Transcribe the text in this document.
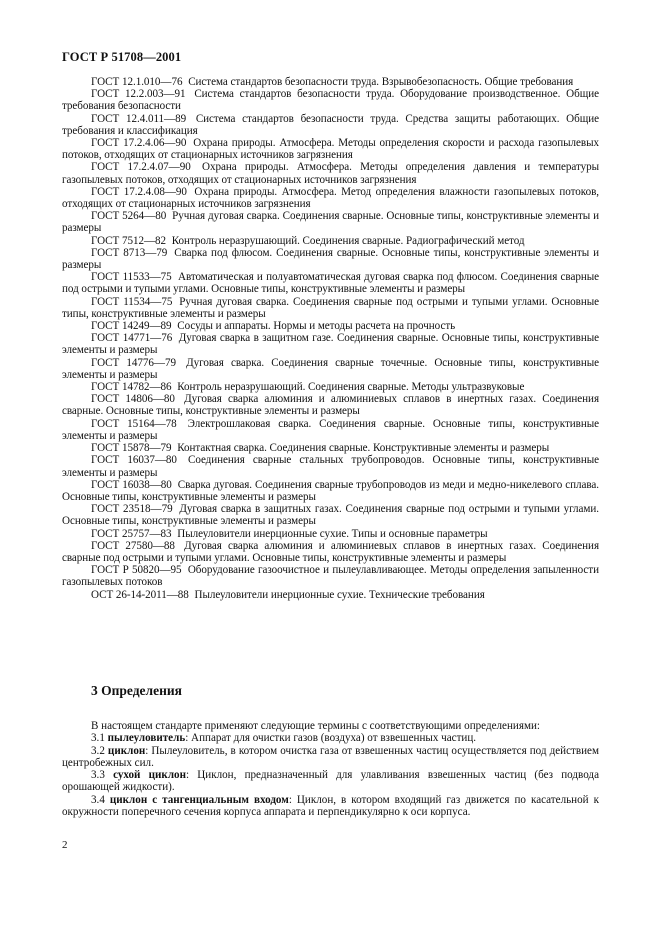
ГОСТ Р 51708—2001

ГОСТ 12.1.010—76 Система стандартов безопасности труда. Взрывобезопасность. Общие требования

ГОСТ 12.2.003—91 Система стандартов безопасности труда. Оборудование производственное. Общие требования безопасности

ГОСТ 12.4.011—89 Система стандартов безопасности труда. Средства защиты работающих. Общие требования и классификация

ГОСТ 17.2.4.06—90 Охрана природы. Атмосфера. Методы определения скорости и расхода газопылевых потоков, отходящих от стационарных источников загрязнения

ГОСТ 17.2.4.07—90 Охрана природы. Атмосфера. Методы определения давления и температуры газопылевых потоков, отходящих от стационарных источников загрязнения

ГОСТ 17.2.4.08—90 Охрана природы. Атмосфера. Метод определения влажности газопылевых потоков, отходящих от стационарных источников загрязнения

ГОСТ 5264—80 Ручная дуговая сварка. Соединения сварные. Основные типы, конструктивные элементы и размеры

ГОСТ 7512—82 Контроль неразрушающий. Соединения сварные. Радиографический метод

ГОСТ 8713—79 Сварка под флюсом. Соединения сварные. Основные типы, конструктивные элементы и размеры

ГОСТ 11533—75 Автоматическая и полуавтоматическая дуговая сварка под флюсом. Соединения сварные под острыми и тупыми углами. Основные типы, конструктивные элементы и размеры

ГОСТ 11534—75 Ручная дуговая сварка. Соединения сварные под острыми и тупыми углами. Основные типы, конструктивные элементы и размеры

ГОСТ 14249—89 Сосуды и аппараты. Нормы и методы расчета на прочность

ГОСТ 14771—76 Дуговая сварка в защитном газе. Соединения сварные. Основные типы, конструктивные элементы и размеры

ГОСТ 14776—79 Дуговая сварка. Соединения сварные точечные. Основные типы, конструктивные элементы и размеры

ГОСТ 14782—86 Контроль неразрушающий. Соединения сварные. Методы ультразвуковые

ГОСТ 14806—80 Дуговая сварка алюминия и алюминиевых сплавов в инертных газах. Соединения сварные. Основные типы, конструктивные элементы и размеры

ГОСТ 15164—78 Электрошлаковая сварка. Соединения сварные. Основные типы, конструктивные элементы и размеры

ГОСТ 15878—79 Контактная сварка. Соединения сварные. Конструктивные элементы и размеры

ГОСТ 16037—80 Соединения сварные стальных трубопроводов. Основные типы, конструктивные элементы и размеры

ГОСТ 16038—80 Сварка дуговая. Соединения сварные трубопроводов из меди и медно-никелевого сплава. Основные типы, конструктивные элементы и размеры

ГОСТ 23518—79 Дуговая сварка в защитных газах. Соединения сварные под острыми и тупыми углами. Основные типы, конструктивные элементы и размеры

ГОСТ 25757—83 Пылеуловители инерционные сухие. Типы и основные параметры

ГОСТ 27580—88 Дуговая сварка алюминия и алюминиевых сплавов в инертных газах. Соединения сварные под острыми и тупыми углами. Основные типы, конструктивные элементы и размеры

ГОСТ Р 50820—95 Оборудование газоочистное и пылеулавливающее. Методы определения запыленности газопылевых потоков

ОСТ 26-14-2011—88 Пылеуловители инерционные сухие. Технические требования

3 Определения

В настоящем стандарте применяют следующие термины с соответствующими определениями:

3.1 пылеуловитель: Аппарат для очистки газов (воздуха) от взвешенных частиц.

3.2 циклон: Пылеуловитель, в котором очистка газа от взвешенных частиц осуществляется под действием центробежных сил.

3.3 сухой циклон: Циклон, предназначенный для улавливания взвешенных частиц (без подвода орошающей жидкости).

3.4 циклон с тангенциальным входом: Циклон, в котором входящий газ движется по касательной к окружности поперечного сечения корпуса аппарата и перпендикулярно к оси корпуса.

2
